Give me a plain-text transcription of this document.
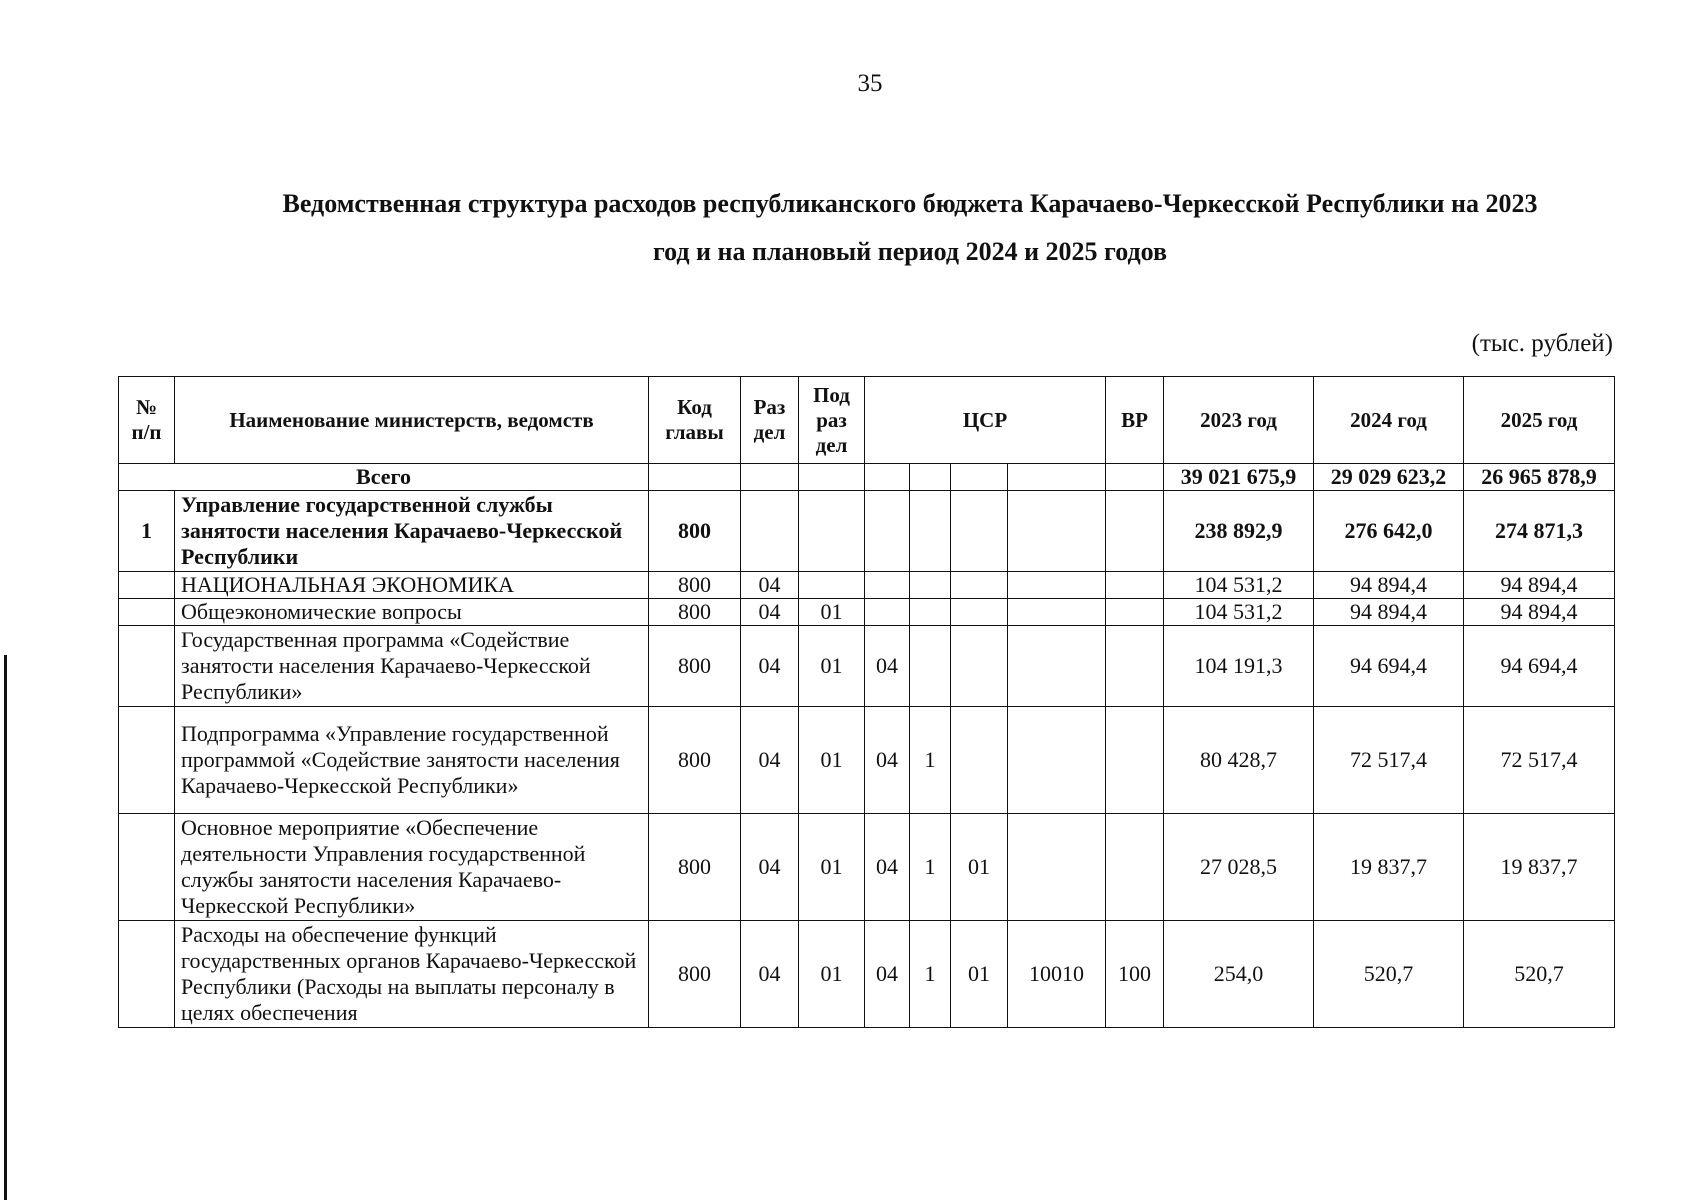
35
Ведомственная структура расходов республиканского бюджета Карачаево-Черкесской Республики на 2023
год и на плановый период 2024 и 2025 годов
(тыс. рублей)
№ п/п	Наименование министерств, ведомств	Код главы	Раз дел	Под раз дел	ЦСР				ВР	2023 год	2024 год	2025 год
Всего										39 021 675,9	29 029 623,2	26 965 878,9
1	Управление государственной службы занятости населения Карачаево-Черкесской Республики	800								238 892,9	276 642,0	274 871,3
	НАЦИОНАЛЬНАЯ ЭКОНОМИКА	800	04							104 531,2	94 894,4	94 894,4
	Общеэкономические вопросы	800	04	01						104 531,2	94 894,4	94 894,4
	Государственная программа «Содействие занятости населения Карачаево-Черкесской Республики»	800	04	01	04					104 191,3	94 694,4	94 694,4
	Подпрограмма «Управление государственной программой «Содействие занятости населения Карачаево-Черкесской Республики»	800	04	01	04	1				80 428,7	72 517,4	72 517,4
	Основное мероприятие «Обеспечение деятельности Управления государственной службы занятости населения Карачаево-Черкесской Республики»	800	04	01	04	1	01			27 028,5	19 837,7	19 837,7
	Расходы на обеспечение функций государственных органов Карачаево-Черкесской Республики (Расходы на выплаты персоналу в целях обеспечения	800	04	01	04	1	01	10010	100	254,0	520,7	520,7
